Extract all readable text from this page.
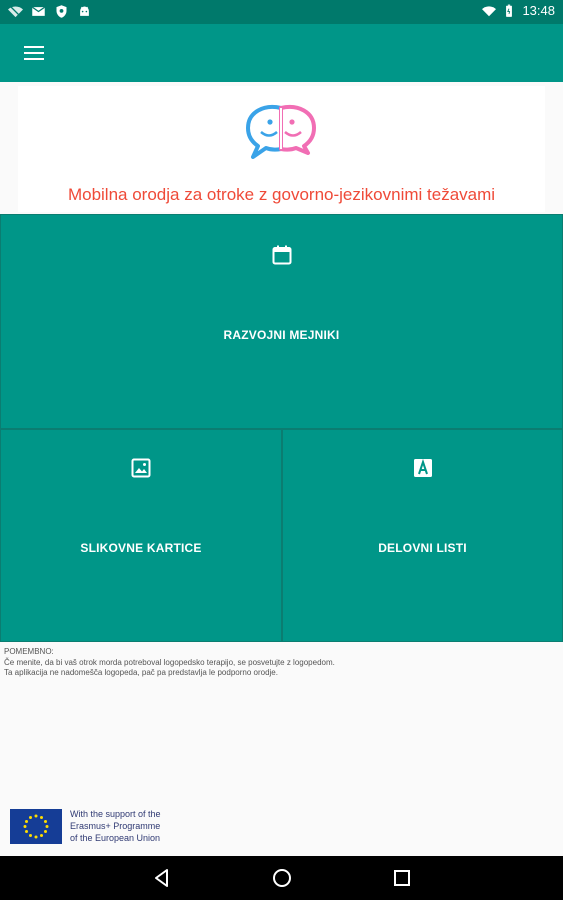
13:48
Mobilna orodja za otroke z govorno-jezikovnimi težavami
RAZVOJNI MEJNIKI
SLIKOVNE KARTICE	DELOVNI LISTI
POMEMBNO:
Če menite, da bi vaš otrok morda potreboval logopedsko terapijo, se posvetujte z logopedom.
Ta aplikacija ne nadomešča logopeda, pač pa predstavlja le podporno orodje.
With the support of the
Erasmus+ Programme
of the European Union
